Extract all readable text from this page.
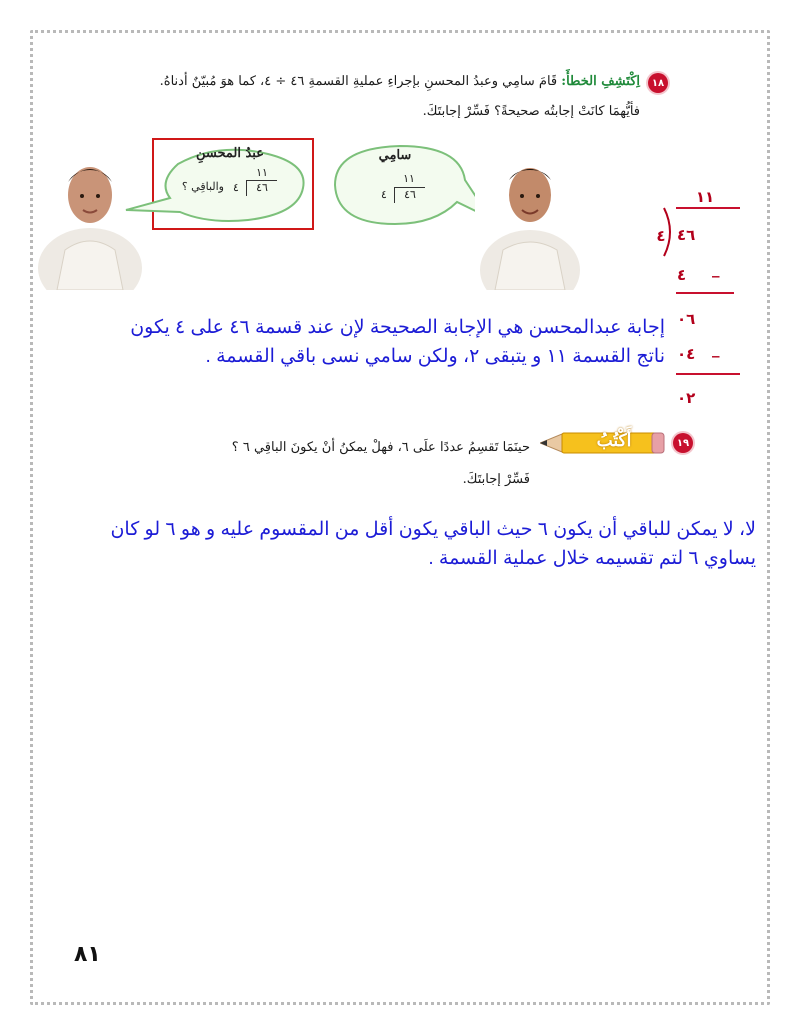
١٨
اِكْتَشِفِ الخطأَ: قَامَ سامِي وعبدُ المحسنِ بإجراءِ عمليةِ القسمةِ ٤٦ ÷ ٤، كما هوَ مُبيّنٌ أدناهُ.
فأيُّهمَا كانَتْ إجابتُه صحيحةً؟ فَسِّرْ إجابتَكَ.
عبدُ المحسنِ
١١
٤٦
٤
والباقِي ؟
سامِي
١١
٤٦
٤	١١
٤ ٤٦
٤	_
٠٦
٠٤	_
٠٢
إجابة عبدالمحسن هي الإجابة الصحيحة لإن عند قسمة ٤٦ على ٤ يكون
ناتج القسمة ١١ و يتبقى ٢، ولكن سامي نسى باقي القسمة .
١٩
أَكْتُبُ
حينَمَا تَقسِمُ عددًا علَى ٦، فهلْ يمكنُ أنْ يكونَ الباقِي ٦ ؟
فَسِّرْ إجابتَكَ.
لا، لا يمكن للباقي أن يكون ٦ حيث الباقي يكون أقل من المقسوم عليه و هو ٦ لو كان
يساوي ٦ لتم تقسيمه خلال عملية القسمة .
٨١
